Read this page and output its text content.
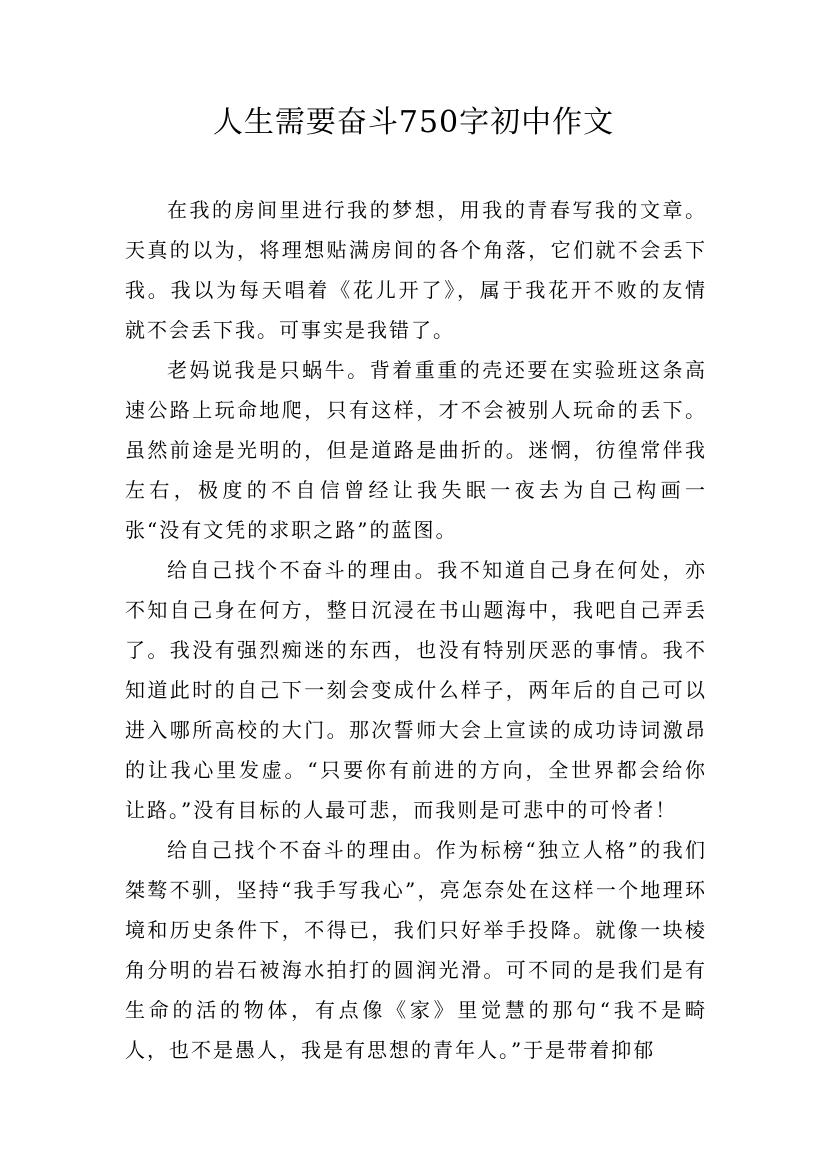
人生需要奋斗750字初中作文

在我的房间里进行我的梦想，用我的青春写我的文章。天真的以为，将理想贴满房间的各个角落，它们就不会丢下我。我以为每天唱着《花儿开了》，属于我花开不败的友情就不会丢下我。可事实是我错了。

老妈说我是只蜗牛。背着重重的壳还要在实验班这条高速公路上玩命地爬，只有这样，才不会被别人玩命的丢下。虽然前途是光明的，但是道路是曲折的。迷惘，彷徨常伴我左右，极度的不自信曾经让我失眠一夜去为自己构画一张“没有文凭的求职之路”的蓝图。

给自己找个不奋斗的理由。我不知道自己身在何处，亦不知自己身在何方，整日沉浸在书山题海中，我吧自己弄丢了。我没有强烈痴迷的东西，也没有特别厌恶的事情。我不知道此时的自己下一刻会变成什么样子，两年后的自己可以进入哪所高校的大门。那次誓师大会上宣读的成功诗词激昂的让我心里发虚。“只要你有前进的方向，全世界都会给你让路。”没有目标的人最可悲，而我则是可悲中的可怜者！

给自己找个不奋斗的理由。作为标榜“独立人格”的我们桀骜不驯，坚持“我手写我心”，亮怎奈处在这样一个地理环境和历史条件下，不得已，我们只好举手投降。就像一块棱角分明的岩石被海水拍打的圆润光滑。可不同的是我们是有生命的活的物体，有点像《家》里觉慧的那句“我不是畸人，也不是愚人，我是有思想的青年人。”于是带着抑郁
